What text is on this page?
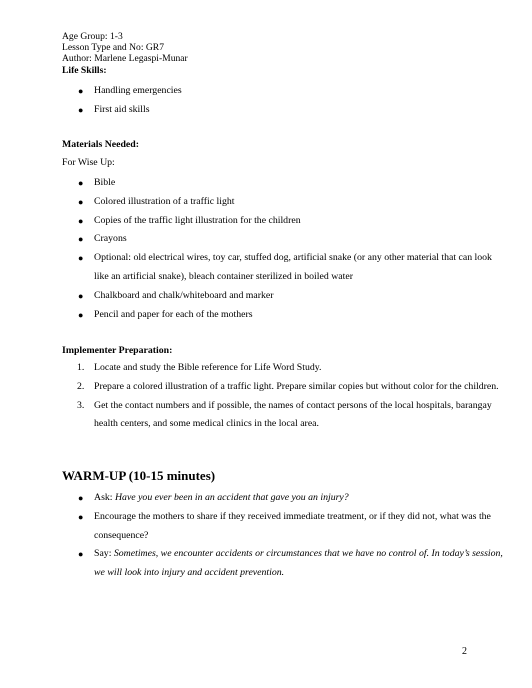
Age Group: 1-3
Lesson Type and No: GR7
Author: Marlene Legaspi-Munar
Life Skills:
● Handling emergencies
● First aid skills
Materials Needed:
For Wise Up:
● Bible
● Colored illustration of a traffic light
● Copies of the traffic light illustration for the children
● Crayons
● Optional: old electrical wires, toy car, stuffed dog, artificial snake (or any other material that can look like an artificial snake), bleach container sterilized in boiled water
● Chalkboard and chalk/whiteboard and marker
● Pencil and paper for each of the mothers
Implementer Preparation:
1. Locate and study the Bible reference for Life Word Study.
2. Prepare a colored illustration of a traffic light. Prepare similar copies but without color for the children.
3. Get the contact numbers and if possible, the names of contact persons of the local hospitals, barangay health centers, and some medical clinics in the local area.
WARM-UP (10-15 minutes)
● Ask: Have you ever been in an accident that gave you an injury?
● Encourage the mothers to share if they received immediate treatment, or if they did not, what was the consequence?
● Say: Sometimes, we encounter accidents or circumstances that we have no control of. In today’s session, we will look into injury and accident prevention.
2
